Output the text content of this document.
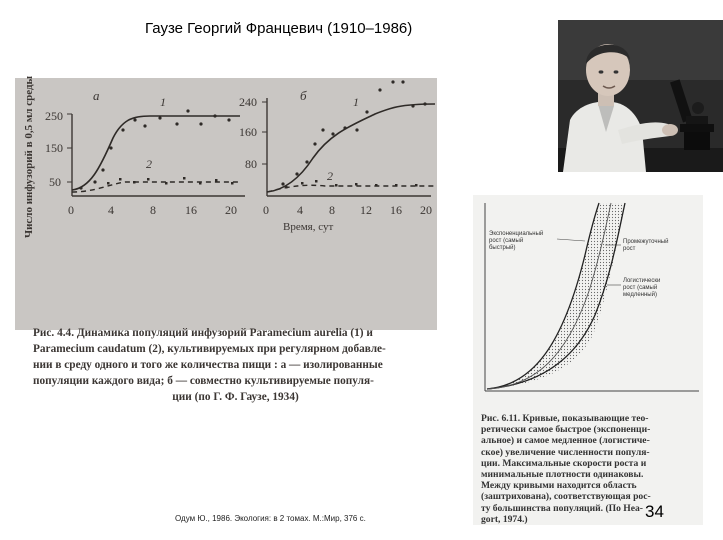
Гаузе Георгий Францевич (1910–1986)
Число инфузорий в 0,5 мл среды	а
250
150
50
0	4	8 16 20
1
2
б
240
160
80
0 4 8 12 16 20
1
2
Время, сут
Рис. 4.4. Динамика популяций инфузорий Paramecium aurelia (1) и
Paramecium caudatum (2), культивируемых при регулярном добавле-
нии в среду одного и того же количества пищи : а — изолированные
популяции каждого вида; б — совместно культивируемые популя-
ции (по Г. Ф. Гаузе, 1934)
Экспоненциальный
рост (самый
быстрый)
Промежуточный
рост
Логистически
рост (самый
медленный)
Рис. 6.11. Кривые, показывающие тео-
ретически самое быстрое (экспоненци-
альное) и самое медленное (логистиче-
ское) увеличение численности популя-
ции. Максимальные скорости роста и
минимальные плотности одинаковы.
Между кривыми находится область
(заштрихована), соответствующая рос-
ту большинства популяций. (По Hea-
gort, 1974.)	34
Одум Ю., 1986. Экология: в 2 томах. М.:Мир, 376 с.
